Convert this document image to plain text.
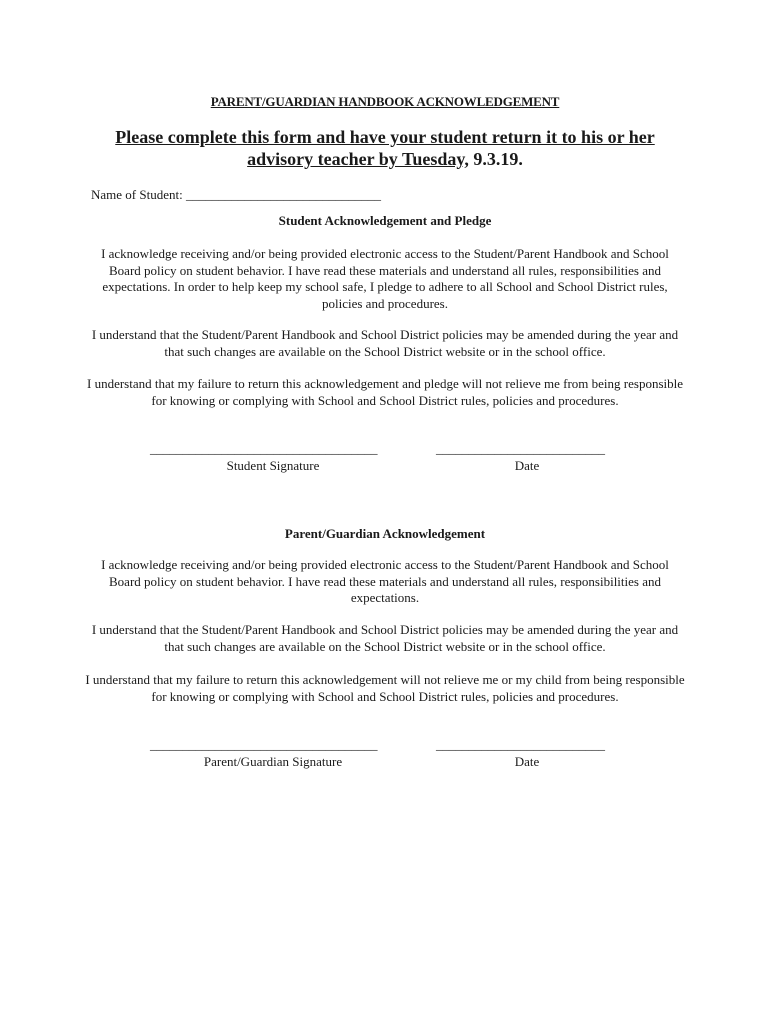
PARENT/GUARDIAN HANDBOOK ACKNOWLEDGEMENT

Please complete this form and have your student return it to his or her advisory teacher by Tuesday, 9.3.19.

Name of Student: ______________________________

Student Acknowledgement and Pledge

I acknowledge receiving and/or being provided electronic access to the Student/Parent Handbook and School Board policy on student behavior. I have read these materials and understand all rules, responsibilities and expectations. In order to help keep my school safe, I pledge to adhere to all School and School District rules, policies and procedures.

I understand that the Student/Parent Handbook and School District policies may be amended during the year and that such changes are available on the School District website or in the school office.

I understand that my failure to return this acknowledgement and pledge will not relieve me from being responsible for knowing or complying with School and School District rules, policies and procedures.

___________________________________	__________________________

Student Signature	Date

Parent/Guardian Acknowledgement

I acknowledge receiving and/or being provided electronic access to the Student/Parent Handbook and School Board policy on student behavior. I have read these materials and understand all rules, responsibilities and expectations.

I understand that the Student/Parent Handbook and School District policies may be amended during the year and that such changes are available on the School District website or in the school office.

I understand that my failure to return this acknowledgement will not relieve me or my child from being responsible for knowing or complying with School and School District rules, policies and procedures.

___________________________________	__________________________

Parent/Guardian Signature	Date
